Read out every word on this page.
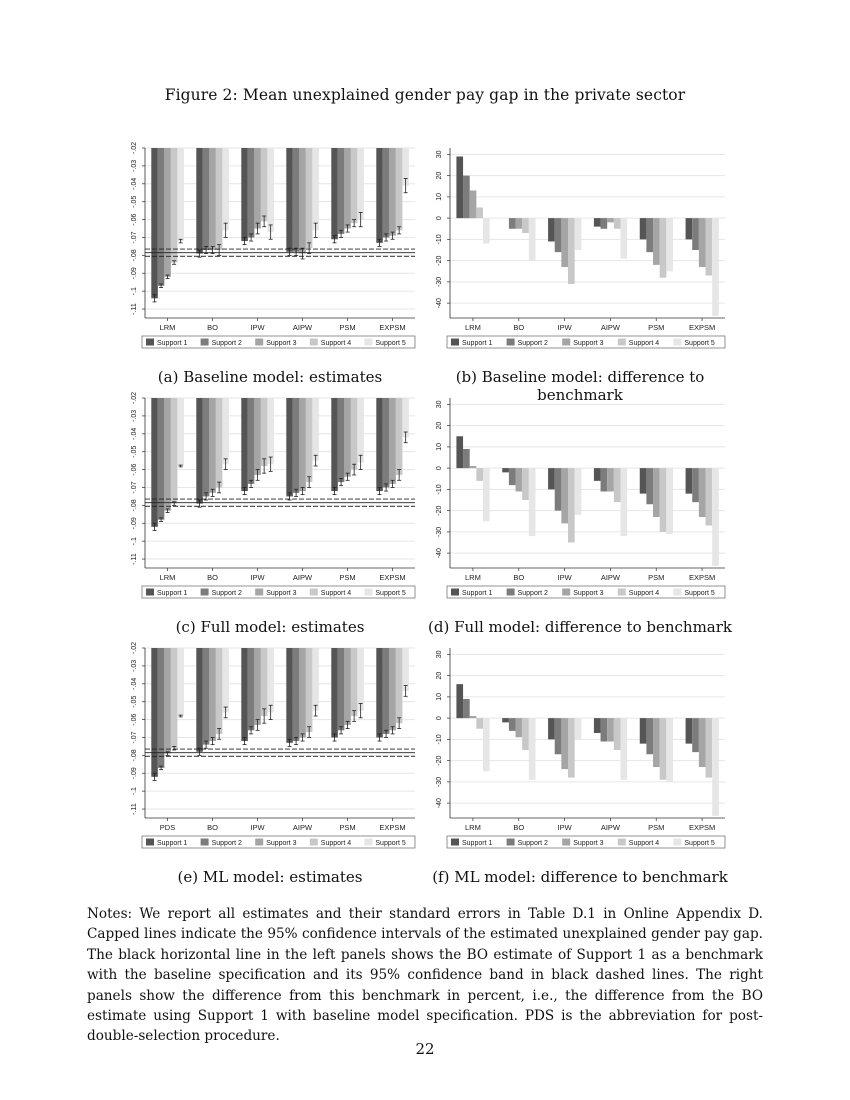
Figure 2: Mean unexplained gender pay gap in the private sector
-.02
-.03
-.04
-.05
-.06
-.07
-.08
-.09
-.1
-.11
LRM	BO	IPW	AIPW	PSM	EXPSM
Support 1	Support 2	Support 3	Support 4	Support 5
30
20
10
0
-10
-20
-30
-40
LRM	BO	IPW	AIPW	PSM	EXPSM
Support 1	Support 2	Support 3	Support 4	Support 5
-.02
-.03
-.04
-.05
-.06
-.07
-.08
-.09
-.1
-.11
LRM	BO	IPW	AIPW	PSM	EXPSM
Support 1	Support 2	Support 3	Support 4	Support 5
30
20
10
0
-10
-20
-30
-40
LRM	BO	IPW	AIPW	PSM	EXPSM
Support 1	Support 2	Support 3	Support 4	Support 5
-.02
-.03
-.04
-.05
-.06
-.07
-.08
-.09
-.1
-.11
PDS	BO	IPW	AIPW	PSM	EXPSM
Support 1	Support 2	Support 3	Support 4	Support 5
30
20
10
0
-10
-20
-30
-40
LRM	BO	IPW	AIPW	PSM	EXPSM
Support 1	Support 2	Support 3	Support 4	Support 5
(a) Baseline model: estimates	(b) Baseline model: difference to benchmark
(c) Full model: estimates	(d) Full model: difference to benchmark
(e) ML model: estimates	(f) ML model: difference to benchmark
Notes: We report all estimates and their standard errors in Table D.1 in Online Appendix D. Capped lines indicate the 95% confidence intervals of the estimated unexplained gender pay gap. The black horizontal line in the left panels shows the BO estimate of Support 1 as a benchmark with the baseline specification and its 95% confidence band in black dashed lines. The right panels show the difference from this benchmark in percent, i.e., the difference from the BO estimate using Support 1 with baseline model specification. PDS is the abbreviation for post-double-selection procedure.
22
